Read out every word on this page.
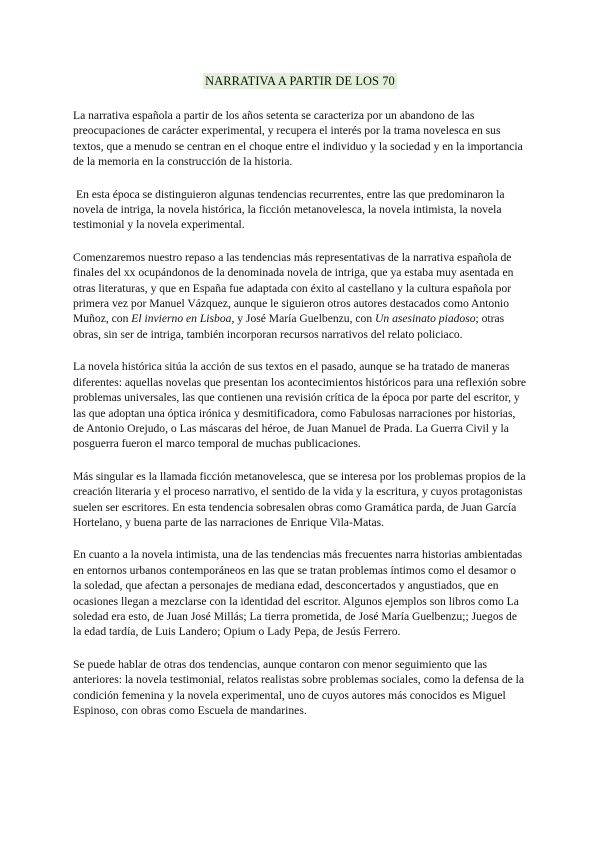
NARRATIVA A PARTIR DE LOS 70

La narrativa española a partir de los años setenta se caracteriza por un abandono de las preocupaciones de carácter experimental, y recupera el interés por la trama novelesca en sus textos, que a menudo se centran en el choque entre el individuo y la sociedad y en la importancia de la memoria en la construcción de la historia.

En esta época se distinguieron algunas tendencias recurrentes, entre las que predominaron la novela de intriga, la novela histórica, la ficción metanovelesca, la novela intimista, la novela testimonial y la novela experimental.

Comenzaremos nuestro repaso a las tendencias más representativas de la narrativa española de finales del xx ocupándonos de la denominada novela de intriga, que ya estaba muy asentada en otras literaturas, y que en España fue adaptada con éxito al castellano y la cultura española por primera vez por Manuel Vázquez, aunque le siguieron otros autores destacados como Antonio Muñoz, con El invierno en Lisboa, y José María Guelbenzu, con Un asesinato piadoso; otras obras, sin ser de intriga, también incorporan recursos narrativos del relato policiaco.

La novela histórica sitúa la acción de sus textos en el pasado, aunque se ha tratado de maneras diferentes: aquellas novelas que presentan los acontecimientos históricos para una reflexión sobre problemas universales, las que contienen una revisión crítica de la época por parte del escritor, y las que adoptan una óptica irónica y desmitificadora, como Fabulosas narraciones por historias, de Antonio Orejudo, o Las máscaras del héroe, de Juan Manuel de Prada. La Guerra Civil y la posguerra fueron el marco temporal de muchas publicaciones.

Más singular es la llamada ficción metanovelesca, que se interesa por los problemas propios de la creación literaria y el proceso narrativo, el sentido de la vida y la escritura, y cuyos protagonistas suelen ser escritores. En esta tendencia sobresalen obras como Gramática parda, de Juan García Hortelano, y buena parte de las narraciones de Enrique Vila-Matas.

En cuanto a la novela intimista, una de las tendencias más frecuentes narra historias ambientadas en entornos urbanos contemporáneos en las que se tratan problemas íntimos como el desamor o la soledad, que afectan a personajes de mediana edad, desconcertados y angustiados, que en ocasiones llegan a mezclarse con la identidad del escritor. Algunos ejemplos son libros como La soledad era esto, de Juan José Millás; La tierra prometida, de José María Guelbenzu;; Juegos de la edad tardía, de Luis Landero; Opium o Lady Pepa, de Jesús Ferrero.

Se puede hablar de otras dos tendencias, aunque contaron con menor seguimiento que las anteriores: la novela testimonial, relatos realistas sobre problemas sociales, como la defensa de la condición femenina y la novela experimental, uno de cuyos autores más conocidos es Miguel Espinoso, con obras como Escuela de mandarines.
